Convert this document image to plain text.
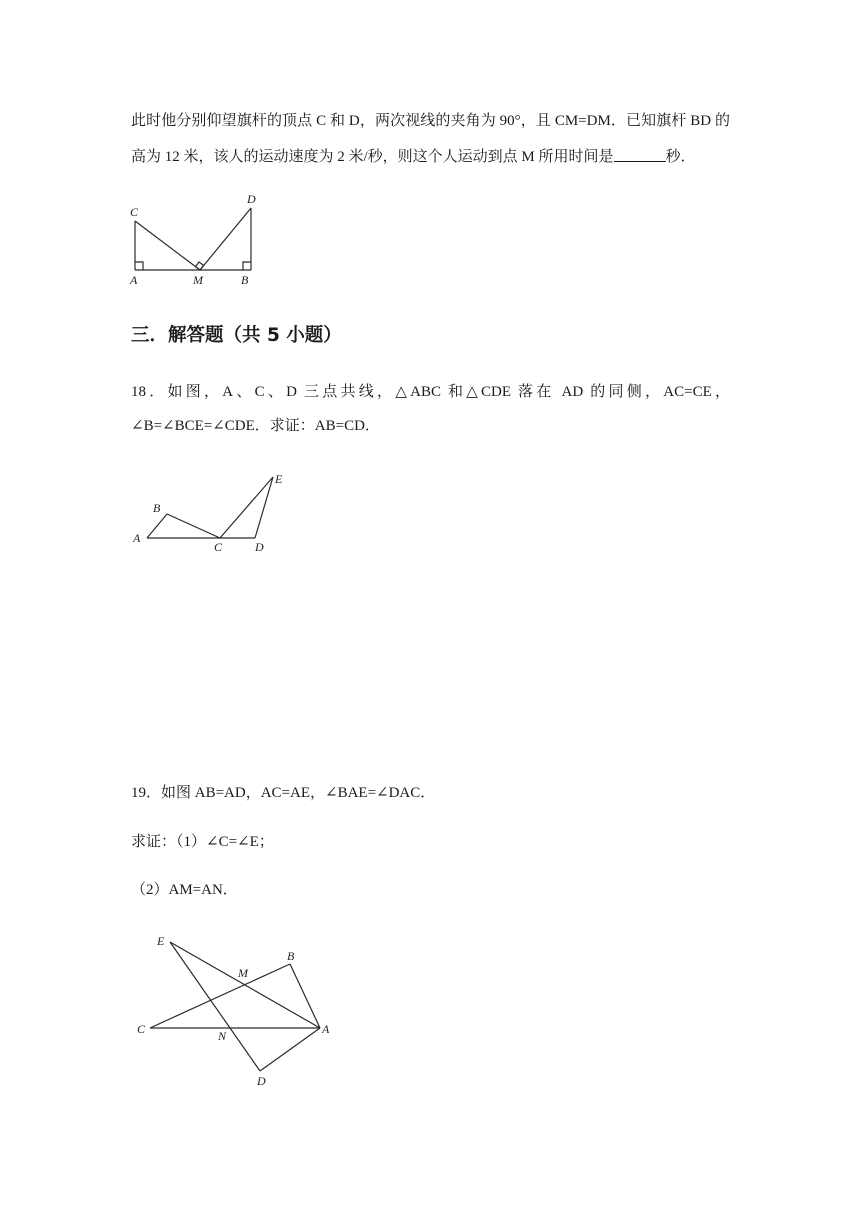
此时他分别仰望旗杆的顶点 C 和 D，两次视线的夹角为 90°，且 CM=DM．已知旗杆 BD 的

高为 12 米，该人的运动速度为 2 米/秒，则这个人运动到点 M 所用时间是	秒．

C
D
A	M	B
三．解答题（共 5 小题）

18．如图，A、C、D 三点共线，△ABC 和△CDE 落在 AD 的同侧，AC=CE，

∠B=∠BCE=∠CDE．求证：AB=CD．

A
B
C	D
E

19．如图 AB=AD，AC=AE，∠BAE=∠DAC．

求证：（1）∠C=∠E；

（2）AM=AN．

E
M
B
C	N	A
D
